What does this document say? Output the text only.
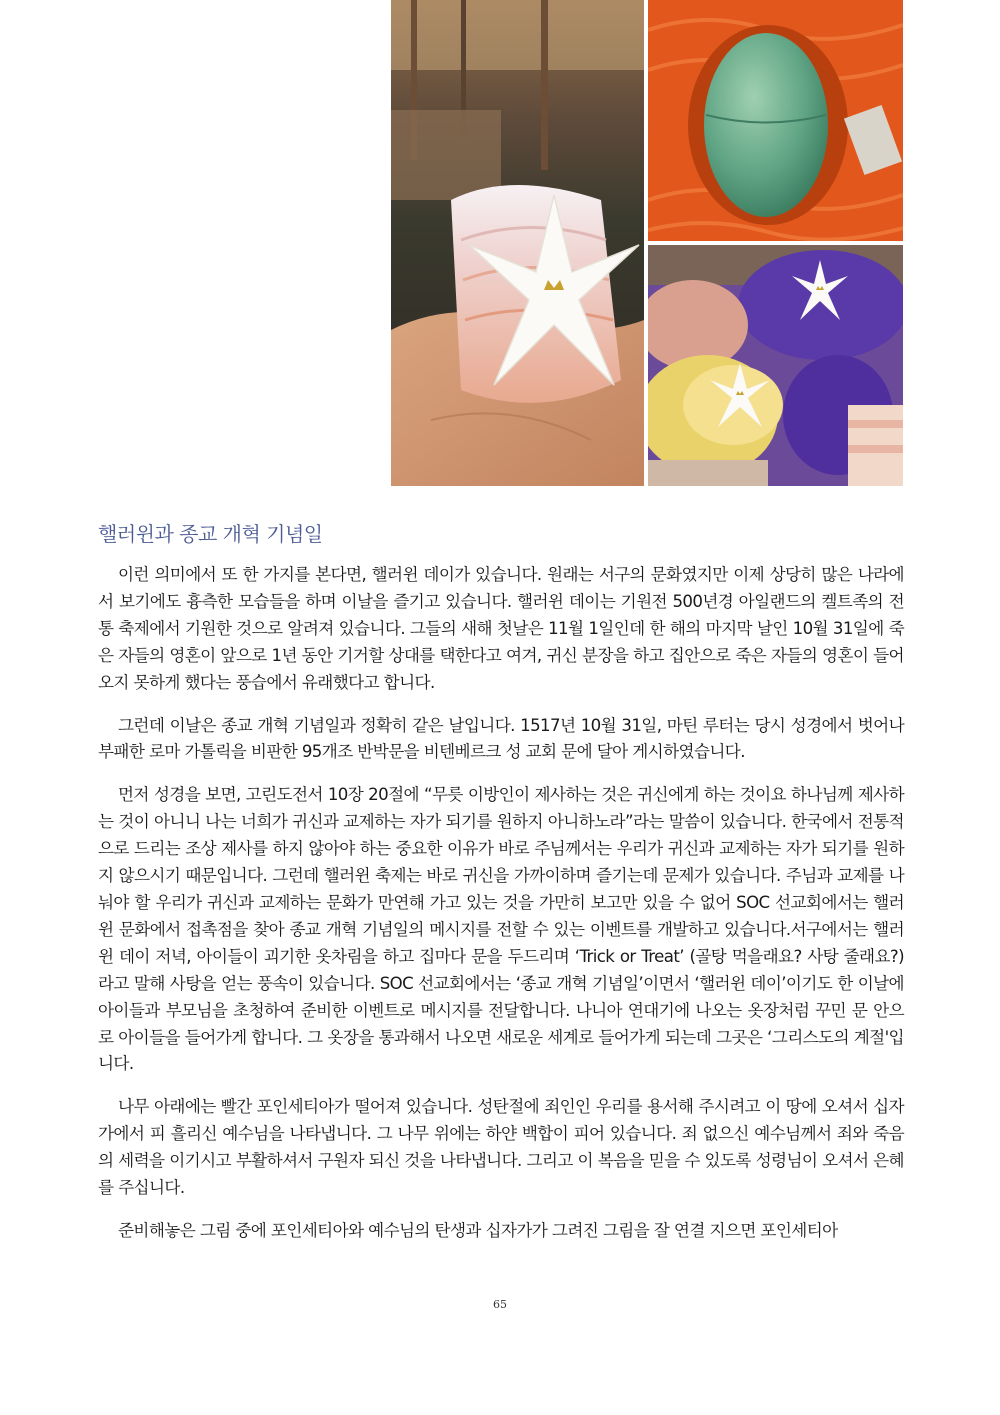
핼러윈과 종교 개혁 기념일

이런 의미에서 또 한 가지를 본다면, 핼러윈 데이가 있습니다. 원래는 서구의 문화였지만 이제 상당히 많은 나라에서 보기에도 흉측한 모습들을 하며 이날을 즐기고 있습니다. 핼러윈 데이는 기원전 500년경 아일랜드의 켈트족의 전통 축제에서 기원한 것으로 알려져 있습니다. 그들의 새해 첫날은 11월 1일인데 한 해의 마지막 날인 10월 31일에 죽은 자들의 영혼이 앞으로 1년 동안 기거할 상대를 택한다고 여겨, 귀신 분장을 하고 집안으로 죽은 자들의 영혼이 들어오지 못하게 했다는 풍습에서 유래했다고 합니다.

그런데 이날은 종교 개혁 기념일과 정확히 같은 날입니다. 1517년 10월 31일, 마틴 루터는 당시 성경에서 벗어나 부패한 로마 가톨릭을 비판한 95개조 반박문을 비텐베르크 성 교회 문에 달아 게시하였습니다.

먼저 성경을 보면, 고린도전서 10장 20절에 “무릇 이방인이 제사하는 것은 귀신에게 하는 것이요 하나님께 제사하는 것이 아니니 나는 너희가 귀신과 교제하는 자가 되기를 원하지 아니하노라”라는 말씀이 있습니다. 한국에서 전통적으로 드리는 조상 제사를 하지 않아야 하는 중요한 이유가 바로 주님께서는 우리가 귀신과 교제하는 자가 되기를 원하지 않으시기 때문입니다. 그런데 핼러윈 축제는 바로 귀신을 가까이하며 즐기는데 문제가 있습니다. 주님과 교제를 나눠야 할 우리가 귀신과 교제하는 문화가 만연해 가고 있는 것을 가만히 보고만 있을 수 없어 SOC 선교회에서는 핼러윈 문화에서 접촉점을 찾아 종교 개혁 기념일의 메시지를 전할 수 있는 이벤트를 개발하고 있습니다.서구에서는 핼러윈 데이 저녁, 아이들이 괴기한 옷차림을 하고 집마다 문을 두드리며 ‘Trick or Treat’ (골탕 먹을래요? 사탕 줄래요?)라고 말해 사탕을 얻는 풍속이 있습니다. SOC 선교회에서는 ‘종교 개혁 기념일’이면서 ‘핼러윈 데이’이기도 한 이날에 아이들과 부모님을 초청하여 준비한 이벤트로 메시지를 전달합니다. 나니아 연대기에 나오는 옷장처럼 꾸민 문 안으로 아이들을 들어가게 합니다. 그 옷장을 통과해서 나오면 새로운 세계로 들어가게 되는데 그곳은 ‘그리스도의 계절'입니다.

나무 아래에는 빨간 포인세티아가 떨어져 있습니다. 성탄절에 죄인인 우리를 용서해 주시려고 이 땅에 오셔서 십자가에서 피 흘리신 예수님을 나타냅니다. 그 나무 위에는 하얀 백합이 피어 있습니다. 죄 없으신 예수님께서 죄와 죽음의 세력을 이기시고 부활하셔서 구원자 되신 것을 나타냅니다. 그리고 이 복음을 믿을 수 있도록 성령님이 오셔서 은혜를 주십니다.

준비해놓은 그림 중에 포인세티아와 예수님의 탄생과 십자가가 그려진 그림을 잘 연결 지으면 포인세티아

65
